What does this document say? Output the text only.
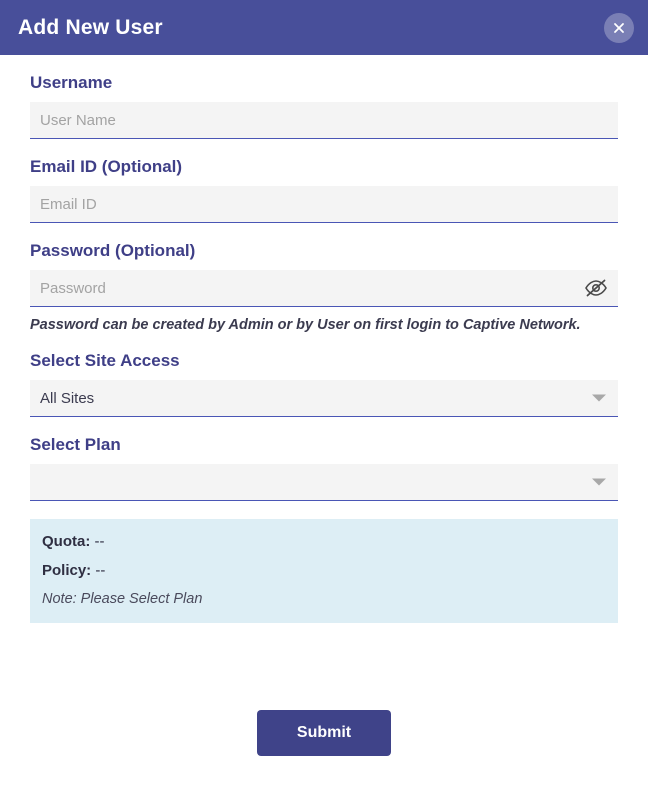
Add New User
Username
User Name
Email ID (Optional)
Email ID
Password (Optional)
Password
Password can be created by Admin or by User on first login to Captive Network.
Select Site Access
All Sites
Select Plan
Quota: --
Policy: --
Note: Please Select Plan
Submit
